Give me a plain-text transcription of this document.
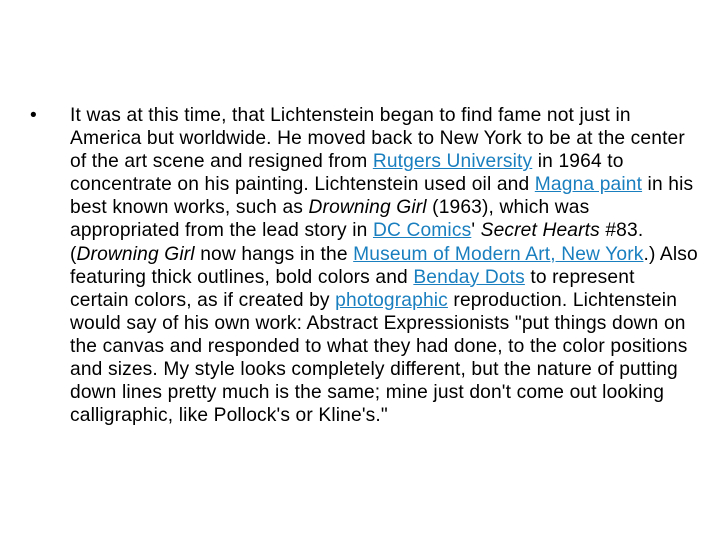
•	It was at this time, that Lichtenstein began to find fame not just in America but worldwide. He moved back to New York to be at the center of the art scene and resigned from Rutgers University in 1964 to concentrate on his painting. Lichtenstein used oil and Magna paint in his best known works, such as Drowning Girl (1963), which was appropriated from the lead story in DC Comics' Secret Hearts #83. (Drowning Girl now hangs in the Museum of Modern Art, New York.) Also featuring thick outlines, bold colors and Benday Dots to represent certain colors, as if created by photographic reproduction. Lichtenstein would say of his own work: Abstract Expressionists "put things down on the canvas and responded to what they had done, to the color positions and sizes. My style looks completely different, but the nature of putting down lines pretty much is the same; mine just don't come out looking calligraphic, like Pollock's or Kline's."
